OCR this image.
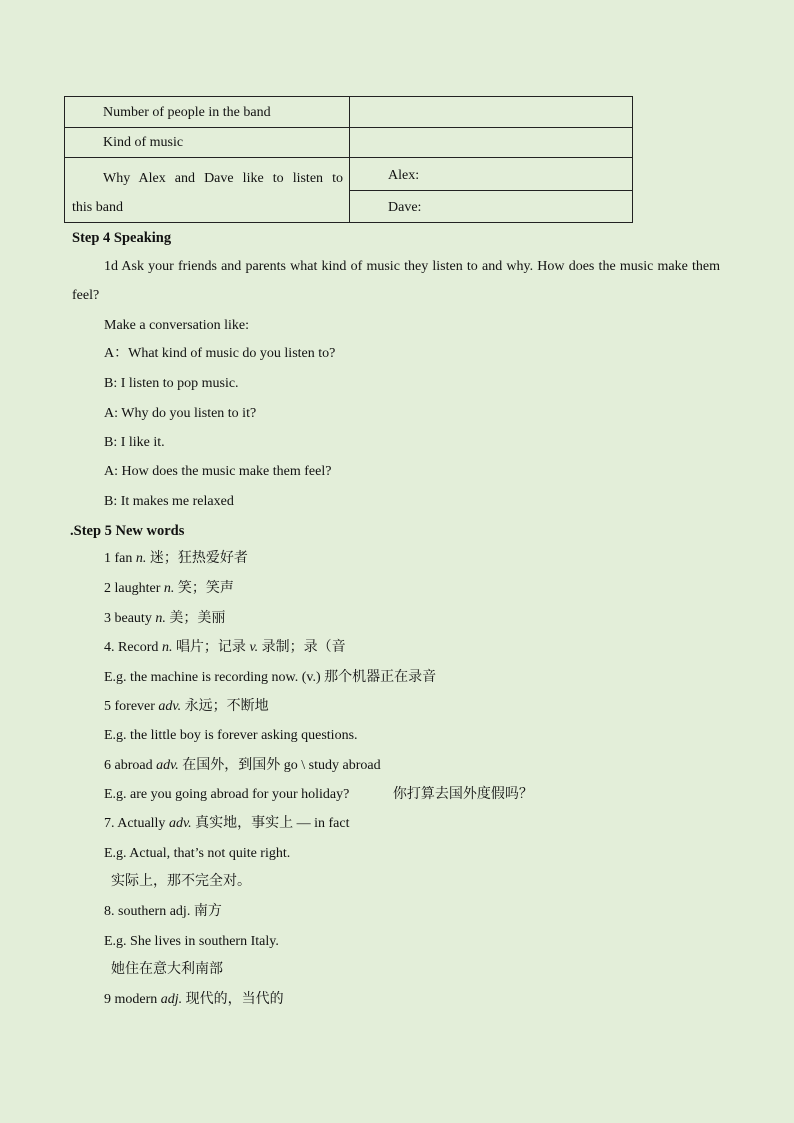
Number of people in the band	

Kind of music	

Why Alex and Dave like to listen to
this band	Alex:

	Dave:
Step 4 Speaking
1d Ask your friends and parents what kind of music they listen to and why. How does the music make them feel?
Make a conversation like:
A：What kind of music do you listen to?
B: I listen to pop music.
A: Why do you listen to it?
B: I like it.
A: How does the music make them feel?
B: It makes me relaxed
.Step 5 New words
1 fan n. 迷；狂热爱好者
2 laughter n. 笑；笑声
3 beauty n. 美；美丽
4. Record n. 唱片；记录 v. 录制；录（音
E.g. the machine is recording now. (v.) 那个机器正在录音
5 forever adv. 永远；不断地
E.g. the little boy is forever asking questions.
6 abroad adv. 在国外，到国外 go \ study abroad
E.g. are you going abroad for your holiday?	你打算去国外度假吗？
7. Actually adv. 真实地，事实上 — in fact
E.g. Actual, that’s not quite right.
实际上，那不完全对。
8. southern adj. 南方
E.g. She lives in southern Italy.
她住在意大利南部
9 modern adj. 现代的，当代的
